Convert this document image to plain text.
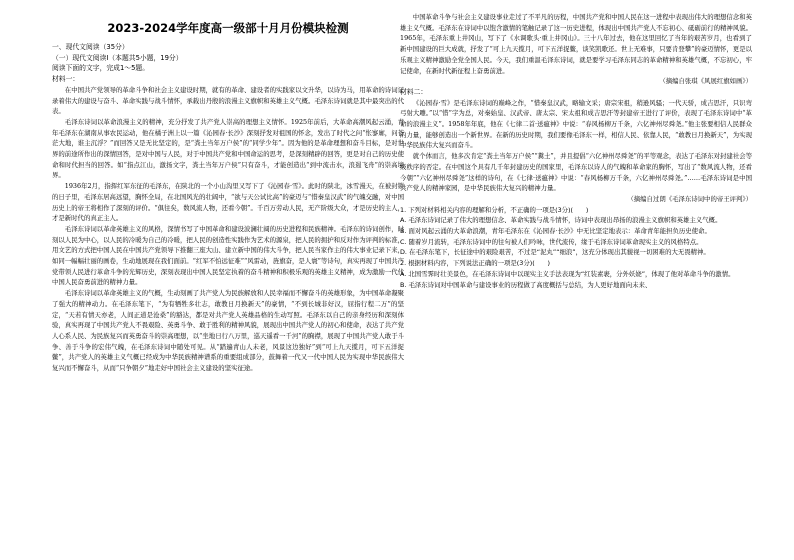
2023-2024学年度高一级部十月月份模块检测
一、现代文阅读（35分）
（一）现代文阅读Ⅰ（本题共5小题，19分）
阅读下面的文字，完成1～5题。
材料一：

在中国共产党领导的革命斗争和社会主义建设时期，就有的革命、建设者的实践家以文升华，以诗为马，用革命的诗词记录着伟大的建设与奋斗、革命实践与战斗情怀，承载出丹殷的浪漫主义旗帜和英雄主义气概。毛泽东诗词就是其中最突出的代表。

毛泽东诗词以革命浪漫主义的精神，充分抒发了共产党人崇高的理想主义情怀。1925年前后，大革命高潮风起云涌，青年毛泽东在湖南从事农民运动，他在橘子洲上以一篇《沁园春·长沙》深刻抒发对祖国的怀念，发出了时代之问“怅寥廓，问苍茫大地，谁主沉浮？”而回答又是无比坚定的，是“粪土当年万户侯”的“同学少年”。因为他的是革命理想和奋斗目标，是对世界的前途所作出的深情回答，是对中国与人民，对于中国共产党和中国命运的思考，是深刻精辟的回答，更是对自己的历史使命和时代担当的回答。如“指点江山，激扬文字，粪土当年万户侯”只有奋斗，才能创造出“到中流击水，浪遏飞舟”的崇高境界。

1936年2月，指挥红军东征的毛泽东，在陕北的一个小山沟里又写下了《沁园春·雪》。此时的陕北，冰雪漫天，在被封锁的日子里，毛泽东居高远望，胸怀全局，在北国风光的壮阔中，“欲与天公试比高”的豪迈与“惜秦皇汉武”的气魄交融，对中国历史上的帝王将相作了深刻的评价。“俱往矣，数风流人物，还看今朝”。千百万劳动人民，无产阶级大众，才是历史的主人，才是新时代的真正主人。

毛泽东诗词以革命英雄主义的风格，深情书写了中国革命和建设波澜壮阔的历史进程和民族精神。毛泽东的诗词创作，时刻以人民为中心，以人民的冷暖为自己的冷暖，把人民的创造性实践作为艺术的源泉，把人民的拥护和反对作为评判的标准，用文艺的方式把中国人民在中国共产党领导下推翻三座大山、建立新中国的伟大斗争，把人民当家作主的伟大事业记录下来，如同一幅幅壮丽的画卷，生动地展现在我们面前。“红军不怕远征难”“风雷动，旌旗奋，是人寰”等诗句，真实再现了中国共产党带领人民进行革命斗争的光辉历史，深刻表现出中国人民坚定执着的奋斗精神和积极乐观的英雄主义精神，成为激励一代代中国人民奋勇前进的精神力量。

毛泽东诗词以革命英雄主义的气概，生动刻画了共产党人为民族解放和人民幸福而不懈奋斗的英雄形象，为中国革命凝聚了强大的精神动力。在毛泽东笔下，“为有牺牲多壮志，敢教日月换新天”的豪情，“不到长城非好汉，屈指行程二万”的坚定，“天若有情天亦老，人间正道是沧桑”的豁达，都是对共产党人英雄品格的生动写照。毛泽东以自己的亲身经历和深刻体验，真实再现了中国共产党人不畏艰险、英勇斗争、敢于胜利的精神风貌，展现出中国共产党人的初心和使命，表达了共产党人心系人民、为民族复兴而英勇奋斗的崇高理想，以“坐地日行八万里，巡天遥看一千河”的胸襟，展现了中国共产党人敢于斗争、善于斗争的宏伟气魄，在毛泽东诗词中随处可见。从“踏遍青山人未老，风景这边独好”到“可上九天揽月，可下五洋捉鳖”，共产党人的英雄主义气概已经成为中华民族精神谱系的重要组成部分，鼓舞着一代又一代中国人民为实现中华民族伟大复兴而不懈奋斗，从而“只争朝夕”地走好中国社会主义建设的坚实征途。

中国革命斗争与社会主义建设事业走过了不平凡的历程，中国共产党和中国人民在这一进程中表现出伟大的理想信念和英雄主义气概。毛泽东在诗词中以饱含激情的笔触记录了这一历史进程，体现出中国共产党人不忘初心、砥砺前行的精神风貌。1965年，毛泽东重上井冈山，写下了《水调歌头·重上井冈山》。三十八年过去，他在这里回忆了当年的艰苦岁月，也看到了新中国建设的巨大成就，抒发了“可上九天揽月，可下五洋捉鳖，谈笑凯歌还。世上无难事，只要肯登攀”的豪迈情怀，更是以乐观主义精神激励全党全国人民。今天，我们重温毛泽东诗词，就是要学习毛泽东同志的革命精神和英雄气概，不忘初心，牢记使命，在新时代新征程上奋勇前进。

（摘编自张琪《风展红旗如画》）

材料二：

《沁园春·雪》是毛泽东诗词的巅峰之作，“惜秦皇汉武，略输文采；唐宗宋祖，稍逊风骚；一代天骄，成吉思汗，只识弯弓射大雕。”以“惜”字为总，对秦始皇、汉武帝、唐太宗、宋太祖和成吉思汗等封建帝王进行了评价，表现了毛泽东诗词中“革命的浪漫主义”。1958年年底，他在《七律二首·送瘟神》中说：“春风杨柳万千条，六亿神州尽舜尧。”他主张要相信人民群众的力量，能够创造出一个新世界。在新的历史时期，我们要像毛泽东一样，相信人民、依靠人民，“敢教日月换新天”，为实现中华民族伟大复兴而奋斗。

就个体而言，他多次肯定“粪土当年万户侯”“糞土”，并且提倡“六亿神州尽舜尧”的平等观念，表达了毛泽东对封建社会等级秩序的否定。在中国这个具有几千年封建历史的国家里，毛泽东以诗人的气魄和革命家的胸怀，写出了“数风流人物，还看今朝”“六亿神州尽舜尧”这样的诗句，在《七律·送瘟神》中说：“春风杨柳万千条，六亿神州尽舜尧。”……毛泽东诗词是中国共产党人的精神家园，是中华民族伟大复兴的精神力量。

（摘编自过朗《毛泽东诗词中的帝王评判》）

1. 下列对材料相关内容的理解和分析，不正确的一项是(3分)(　　)

A. 毛泽东诗词记录了伟大的理想信念、革命实践与战斗情怀，诗词中表现出昂扬的浪漫主义旗帜和英雄主义气概。

B. 面对风起云涌的大革命浪潮，青年毛泽东在《沁园春·长沙》中无比坚定地表示：革命青年能担负历史使命。

C. 随着岁月流转，毛泽东诗词中的往句被人们吟咏，世代流传，缘于毛泽东诗词革命现实主义的风格特点。

D. 在毛泽东笔下，长征途中的艰险艰苦，不过是“泥丸”“细浪”，这充分体现出其藐视一切困难的大无畏精神。

2. 根据材料内容，下列说法正确的一项是(3分)(　　)

A. 北国雪霁时壮美景色，在毛泽东诗词中以现实主义手法表现为“红装素裹，分外妖娆”，体现了他对革命斗争的激情。

B. 毛泽东诗词对中国革命与建设事业的历程做了高度概括与总结，为人更好地面向未来、
